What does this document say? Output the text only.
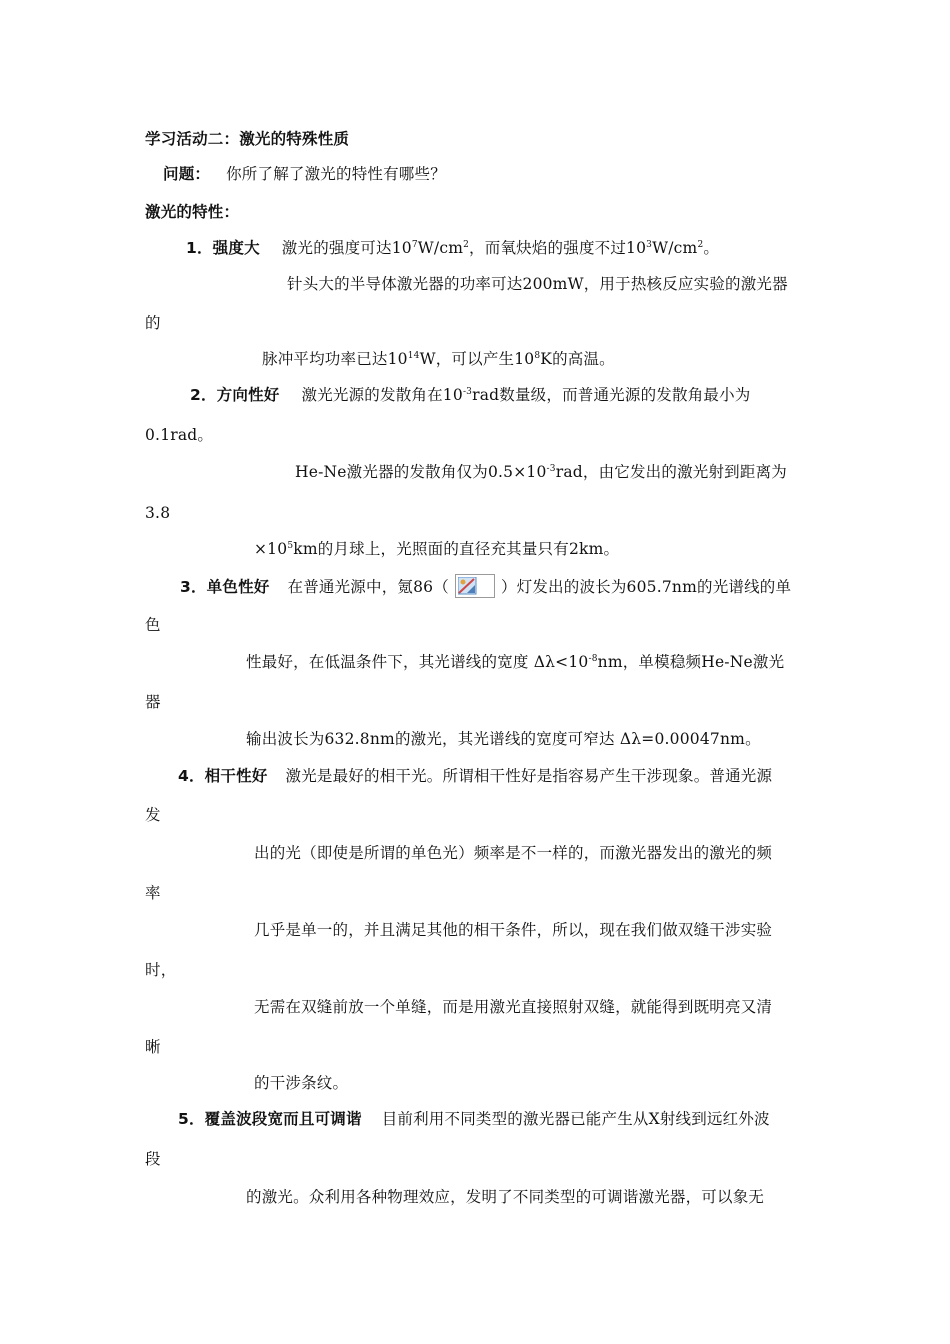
学习活动二：激光的特殊性质
问题： 你所了解了激光的特性有哪些？
激光的特性：
1．强度大 激光的强度可达$10^7W/cm^2$，而氧炔焰的强度不过$10^3W/cm^2$。
针头大的半导体激光器的功率可达200mW，用于热核反应实验的激光器
的
脉冲平均功率已达$10^{14}W$，可以产生$10^8K$的高温。
2．方向性好 激光光源的发散角在$10^{-3}rad$数量级，而普通光源的发散角最小为
0.1rad。
He-Ne激光器的发散角仅为$0.5\times 10^{-3}rad$，由它发出的激光射到距离为
3.8
$\times 10^5km$的月球上，光照面的直径充其量只有2km。
3．单色性好 在普通光源中，氪86（	）灯发出的波长为605.7nm的光谱线的单
色
性最好，在低温条件下，其光谱线的宽度 $\Delta\lambda<10^{-8}nm$，单模稳频He-Ne激光
器
输出波长为632.8nm的激光，其光谱线的宽度可窄达 Δλ=0.00047nm。
4．相干性好 激光是最好的相干光。所谓相干性好是指容易产生干涉现象。普通光源
发
出的光（即使是所谓的单色光）频率是不一样的，而激光器发出的激光的频
率
几乎是单一的，并且满足其他的相干条件，所以，现在我们做双缝干涉实验
时，
无需在双缝前放一个单缝，而是用激光直接照射双缝，就能得到既明亮又清
晰
的干涉条纹。
5．覆盖波段宽而且可调谐 目前利用不同类型的激光器已能产生从X射线到远红外波
段
的激光。众利用各种物理效应，发明了不同类型的可调谐激光器，可以象无
